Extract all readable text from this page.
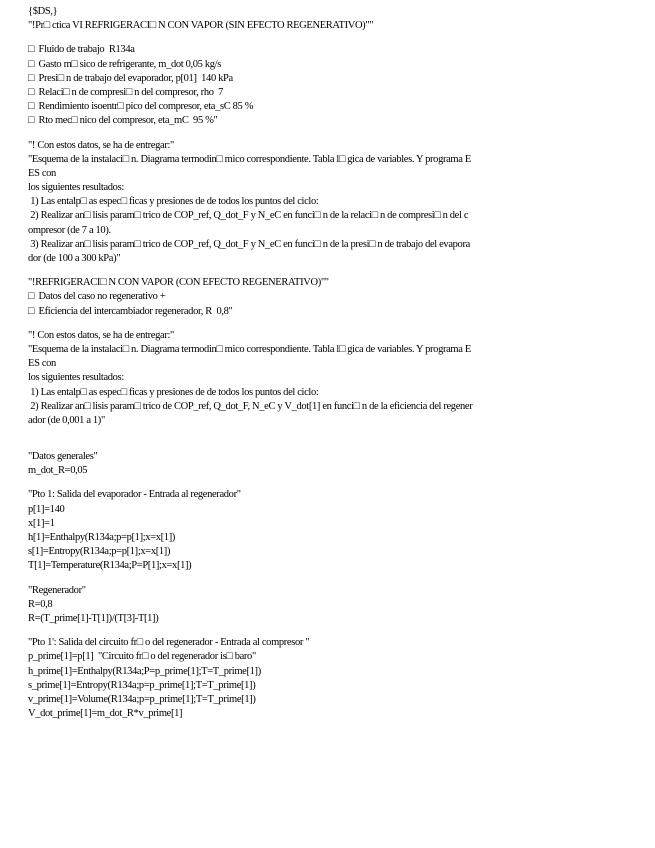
{$DS,}
"!Pr□ ctica VI REFRIGERACI□ N CON VAPOR (SIN EFECTO REGENERATIVO)""
□  Fluido de trabajo  R134a
□  Gasto m□ sico de refrigerante, m_dot 0,05 kg/s
□  Presi□ n de trabajo del evaporador, p[01]  140 kPa
□  Relaci□ n de compresi□ n del compresor, rho  7
□  Rendimiento isoentr□ pico del compresor, eta_sC 85 %
□  Rto mec□ nico del compresor, eta_mC  95 %"
"! Con estos datos, se ha de entregar:"
"Esquema de la instalaci□ n. Diagrama termodin□ mico correspondiente. Tabla l□ gica de variables. Y programa E
ES con
los siguientes resultados:
1) Las entalp□ as espec□ ficas y presiones de de todos los puntos del ciclo:
2) Realizar an□ lisis param□ trico de COP_ref, Q_dot_F y N_eC en funci□ n de la relaci□ n de compresi□ n del c
ompresor (de 7 a 10).
3) Realizar an□ lisis param□ trico de COP_ref, Q_dot_F y N_eC en funci□ n de la presi□ n de trabajo del evapora
dor (de 100 a 300 kPa)"
"!REFRIGERACI□ N CON VAPOR (CON EFECTO REGENERATIVO)""
□  Datos del caso no regenerativo +
□  Eficiencia del intercambiador regenerador, R  0,8"
"! Con estos datos, se ha de entregar:"
"Esquema de la instalaci□ n. Diagrama termodin□ mico correspondiente. Tabla l□ gica de variables. Y programa E
ES con
los siguientes resultados:
1) Las entalp□ as espec□ ficas y presiones de de todos los puntos del ciclo:
2) Realizar an□ lisis param□ trico de COP_ref, Q_dot_F, N_eC y V_dot[1] en funci□ n de la eficiencia del regener
ador (de 0,001 a 1)"
"Datos generales"
m_dot_R=0,05
"Pto 1: Salida del evaporador - Entrada al regenerador"
p[1]=140
x[1]=1
h[1]=Enthalpy(R134a;p=p[1];x=x[1])
s[1]=Entropy(R134a;p=p[1];x=x[1])
T[1]=Temperature(R134a;P=P[1];x=x[1])
"Regenerador"
R=0,8
R=(T_prime[1]-T[1])/(T[3]-T[1])
"Pto 1': Salida del circuito fr□ o del regenerador - Entrada al compresor "
p_prime[1]=p[1]  "Circuito fr□ o del regenerador is□ baro"
h_prime[1]=Enthalpy(R134a;P=p_prime[1];T=T_prime[1])
s_prime[1]=Entropy(R134a;p=p_prime[1];T=T_prime[1])
v_prime[1]=Volume(R134a;p=p_prime[1];T=T_prime[1])
V_dot_prime[1]=m_dot_R*v_prime[1]
